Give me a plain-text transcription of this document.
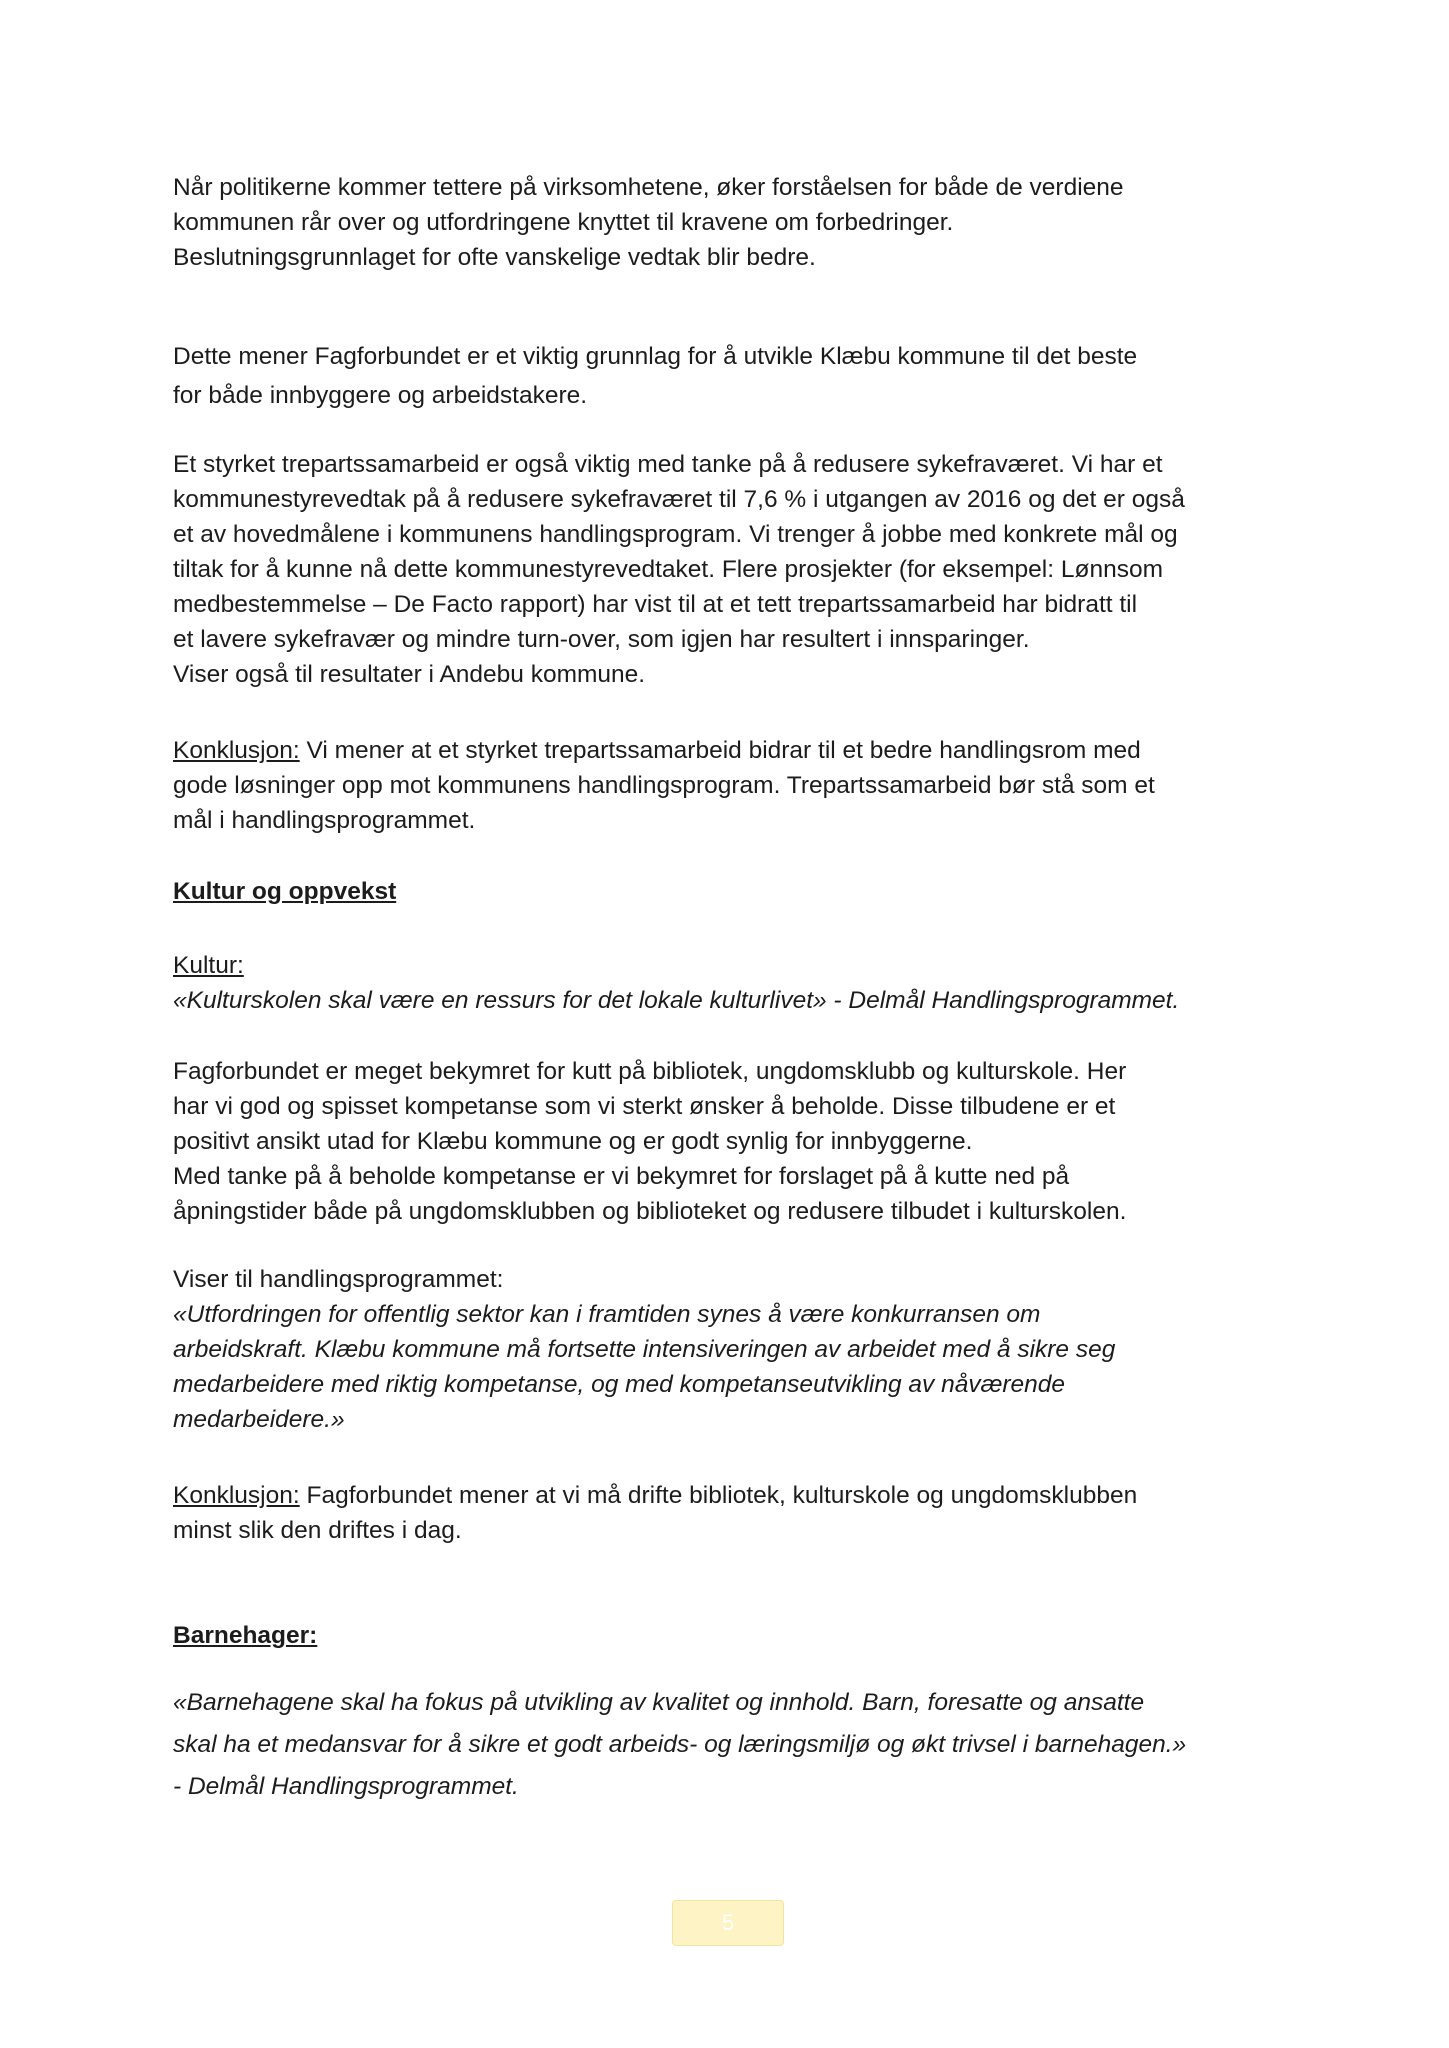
Når politikerne kommer tettere på virksomhetene, øker forståelsen for både de verdiene

kommunen rår over og utfordringene knyttet til kravene om forbedringer.

Beslutningsgrunnlaget for ofte vanskelige vedtak blir bedre.

Dette mener Fagforbundet er et viktig grunnlag for å utvikle Klæbu kommune til det beste

for både innbyggere og arbeidstakere.

Et styrket trepartssamarbeid er også viktig med tanke på å redusere sykefraværet. Vi har et

kommunestyrevedtak på å redusere sykefraværet til 7,6 % i utgangen av 2016 og det er også

et av hovedmålene i kommunens handlingsprogram. Vi trenger å jobbe med konkrete mål og

tiltak for å kunne nå dette kommunestyrevedtaket. Flere prosjekter (for eksempel: Lønnsom

medbestemmelse – De Facto rapport) har vist til at et tett trepartssamarbeid har bidratt til

et lavere sykefravær og mindre turn-over, som igjen har resultert i innsparinger.

Viser også til resultater i Andebu kommune.

Konklusjon: Vi mener at et styrket trepartssamarbeid bidrar til et bedre handlingsrom med

gode løsninger opp mot kommunens handlingsprogram. Trepartssamarbeid bør stå som et

mål i handlingsprogrammet.

Kultur og oppvekst

Kultur:

«Kulturskolen skal være en ressurs for det lokale kulturlivet» - Delmål Handlingsprogrammet.

Fagforbundet er meget bekymret for kutt på bibliotek, ungdomsklubb og kulturskole. Her

har vi god og spisset kompetanse som vi sterkt ønsker å beholde. Disse tilbudene er et

positivt ansikt utad for Klæbu kommune og er godt synlig for innbyggerne.

Med tanke på å beholde kompetanse er vi bekymret for forslaget på å kutte ned på

åpningstider både på ungdomsklubben og biblioteket og redusere tilbudet i kulturskolen.

Viser til handlingsprogrammet:

«Utfordringen for offentlig sektor kan i framtiden synes å være konkurransen om

arbeidskraft. Klæbu kommune må fortsette intensiveringen av arbeidet med å sikre seg

medarbeidere med riktig kompetanse, og med kompetanseutvikling av nåværende

medarbeidere.»

Konklusjon: Fagforbundet mener at vi må drifte bibliotek, kulturskole og ungdomsklubben

minst slik den driftes i dag.

Barnehager:

«Barnehagene skal ha fokus på utvikling av kvalitet og innhold. Barn, foresatte og ansatte

skal ha et medansvar for å sikre et godt arbeids- og læringsmiljø og økt trivsel i barnehagen.»

- Delmål Handlingsprogrammet.

5
